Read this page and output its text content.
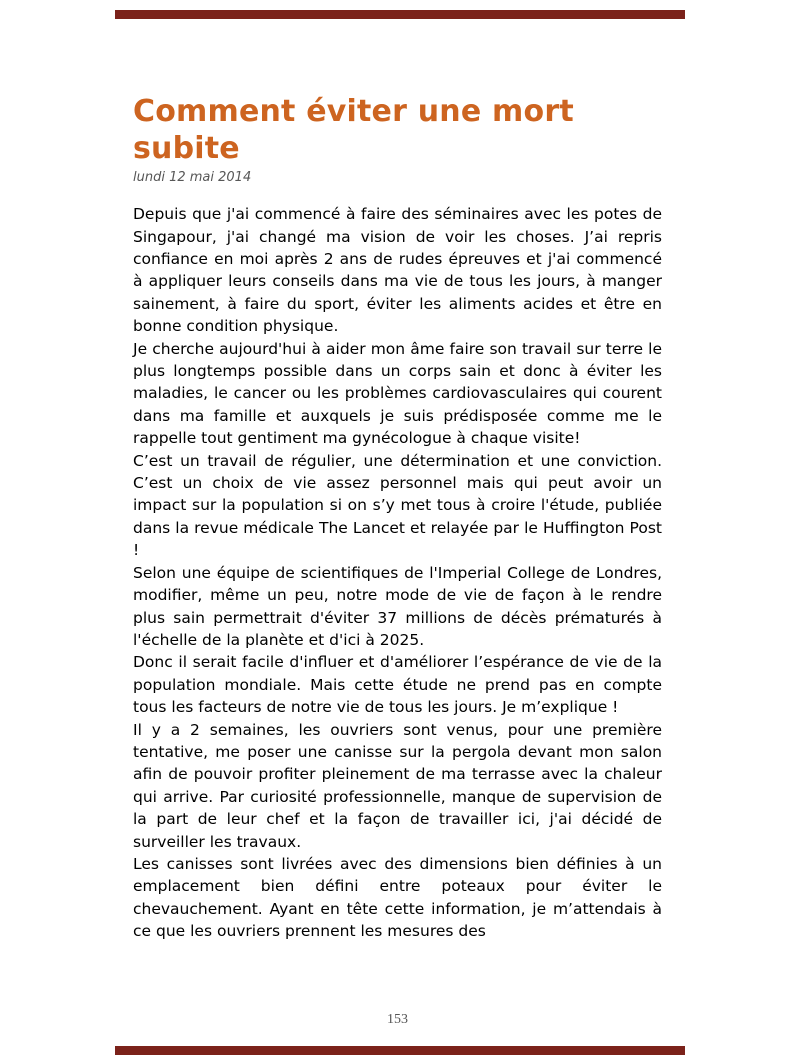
Comment éviter une mort subite
lundi 12 mai 2014

Depuis que j'ai commencé à faire des séminaires avec les potes de Singapour, j'ai changé ma vision de voir les choses. J’ai repris confiance en moi après 2 ans de rudes épreuves et j'ai commencé à appliquer leurs conseils dans ma vie de tous les jours, à manger sainement, à faire du sport, éviter les aliments acides et être en bonne condition physique.

Je cherche aujourd'hui à aider mon âme faire son travail sur terre le plus longtemps possible dans un corps sain et donc à éviter les maladies, le cancer ou les problèmes cardiovasculaires qui courent dans ma famille et auxquels je suis prédisposée comme me le rappelle tout gentiment ma gynécologue à chaque visite!

C’est un travail de régulier, une détermination et une conviction. C’est un choix de vie assez personnel mais qui peut avoir un impact sur la population si on s’y met tous à croire l'étude, publiée dans la revue médicale The Lancet et relayée par le Huffington Post !

Selon une équipe de scientifiques de l'Imperial College de Londres, modifier, même un peu, notre mode de vie de façon à le rendre plus sain permettrait d'éviter 37 millions de décès prématurés à l'échelle de la planète et d'ici à 2025.

Donc il serait facile d'influer et d'améliorer l’espérance de vie de la population mondiale. Mais cette étude ne prend pas en compte tous les facteurs de notre vie de tous les jours. Je m’explique !

Il y a 2 semaines, les ouvriers sont venus, pour une première tentative, me poser une canisse sur la pergola devant mon salon afin de pouvoir profiter pleinement de ma terrasse avec la chaleur qui arrive. Par curiosité professionnelle, manque de supervision de la part de leur chef et la façon de travailler ici, j'ai décidé de surveiller les travaux.

Les canisses sont livrées avec des dimensions bien définies à un emplacement bien défini entre poteaux pour éviter le chevauchement. Ayant en tête cette information, je m’attendais à ce que les ouvriers prennent les mesures des

153
